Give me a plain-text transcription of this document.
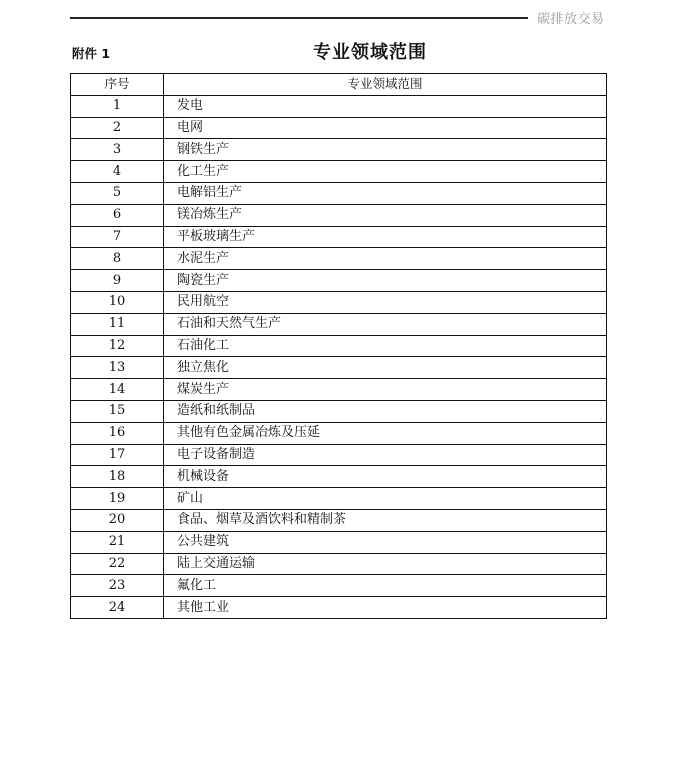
碳排放交易
附件 1	专业领域范围
序号	专业领域范围
1	发电
2	电网
3	钢铁生产
4	化工生产
5	电解铝生产
6	镁冶炼生产
7	平板玻璃生产
8	水泥生产
9	陶瓷生产
10	民用航空
11	石油和天然气生产
12	石油化工
13	独立焦化
14	煤炭生产
15	造纸和纸制品
16	其他有色金属冶炼及压延
17	电子设备制造
18	机械设备
19	矿山
20	食品、烟草及酒饮料和精制茶
21	公共建筑
22	陆上交通运输
23	氟化工
24	其他工业
